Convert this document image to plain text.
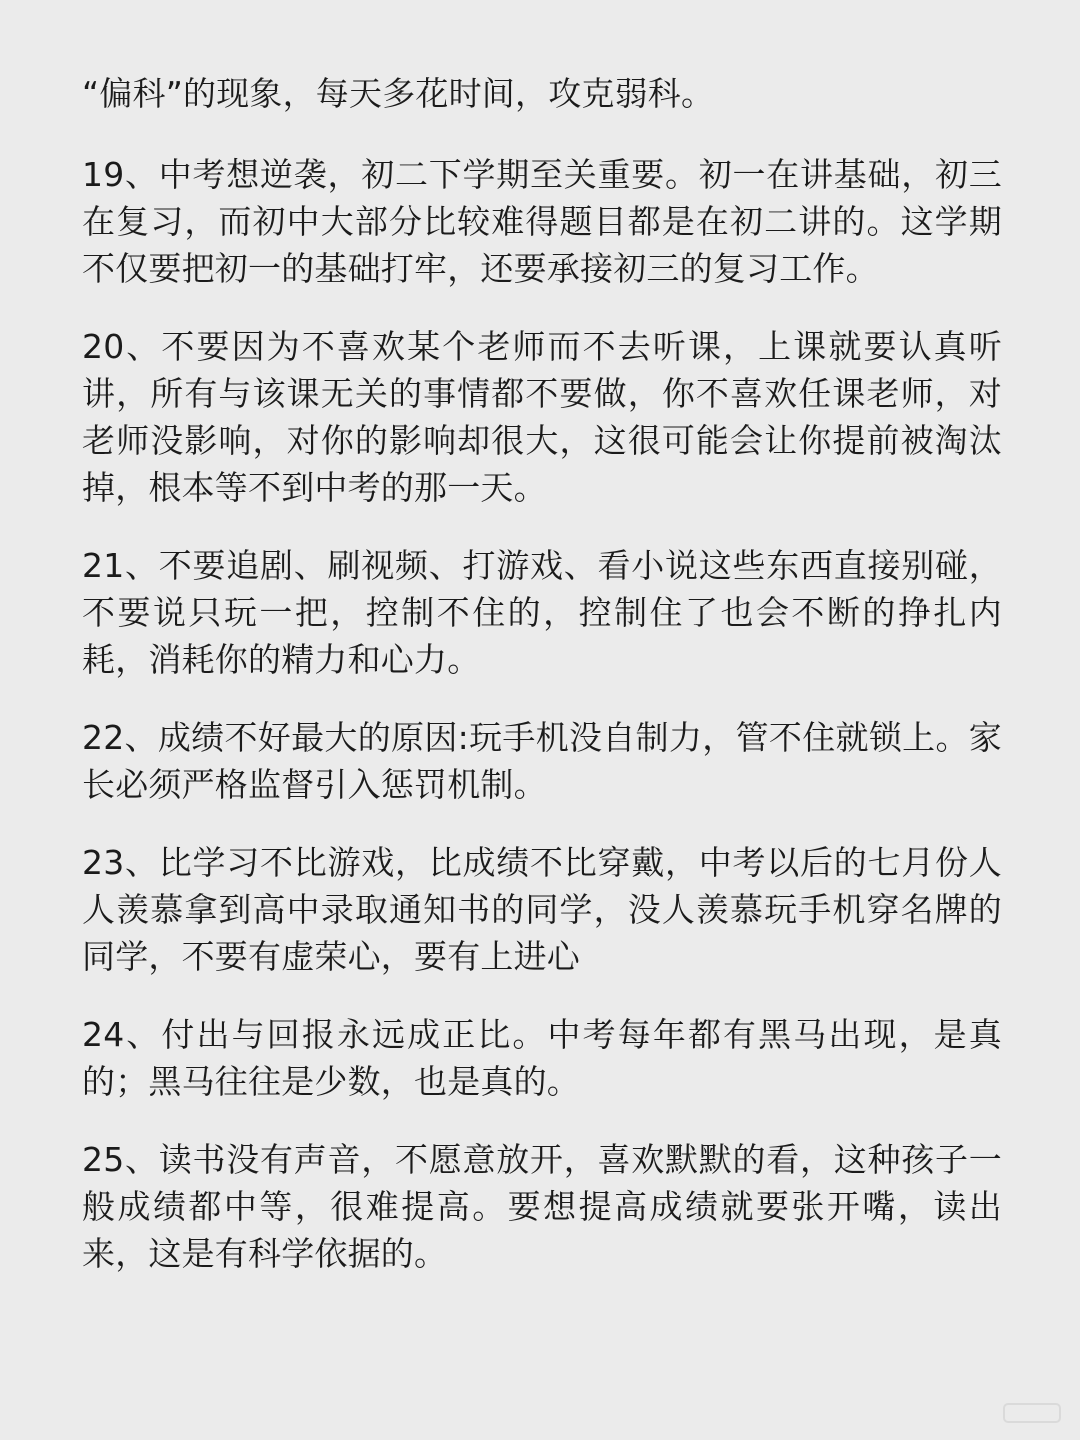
“偏科”的现象，每天多花时间，攻克弱科。

19、中考想逆袭，初二下学期至关重要。初一在讲基础，初三在复习，而初中大部分比较难得题目都是在初二讲的。这学期不仅要把初一的基础打牢，还要承接初三的复习工作。

20、不要因为不喜欢某个老师而不去听课，上课就要认真听讲，所有与该课无关的事情都不要做，你不喜欢任课老师，对老师没影响，对你的影响却很大，这很可能会让你提前被淘汰掉，根本等不到中考的那一天。

21、不要追剧、刷视频、打游戏、看小说这些东西直接别碰，不要说只玩一把，控制不住的，控制住了也会不断的挣扎内耗，消耗你的精力和心力。

22、成绩不好最大的原因:玩手机没自制力，管不住就锁上。家长必须严格监督引入惩罚机制。

23、比学习不比游戏，比成绩不比穿戴，中考以后的七月份人人羡慕拿到高中录取通知书的同学，没人羡慕玩手机穿名牌的同学，不要有虚荣心，要有上进心

24、付出与回报永远成正比。中考每年都有黑马出现，是真的；黑马往往是少数，也是真的。

25、读书没有声音，不愿意放开，喜欢默默的看，这种孩子一般成绩都中等，很难提高。要想提高成绩就要张开嘴，读出来，这是有科学依据的。
